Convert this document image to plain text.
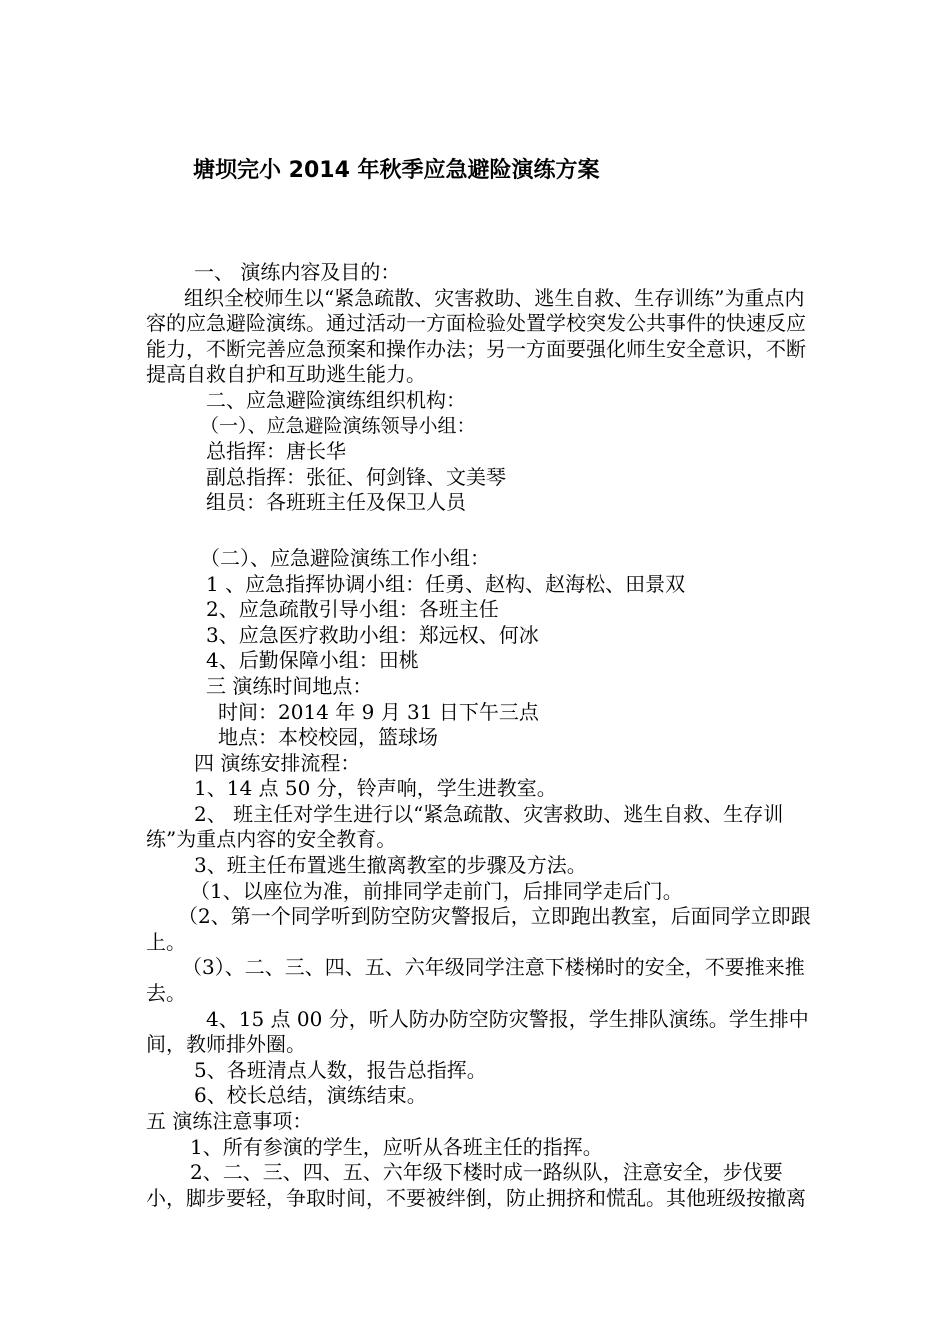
塘坝完小 2014 年秋季应急避险演练方案
一、 演练内容及目的：
组织全校师生以“紧急疏散、灾害救助、逃生自救、生存训练”为重点内容的应急避险演练。通过活动一方面检验处置学校突发公共事件的快速反应能力，不断完善应急预案和操作办法；另一方面要强化师生安全意识，不断提高自救自护和互助逃生能力。
二、应急避险演练组织机构：
（一）、应急避险演练领导小组：
总指挥：唐长华
副总指挥：张征、何剑锋、文美琴
组员：各班班主任及保卫人员
（二）、应急避险演练工作小组：
1 、应急指挥协调小组：任勇、赵构、赵海松、田景双
2、应急疏散引导小组：各班主任
3、应急医疗救助小组：郑远权、何冰
4、后勤保障小组：田桃
三 演练时间地点：
时间：2014 年 9 月 31 日下午三点
地点：本校校园，篮球场
四 演练安排流程：
1、14 点 50 分，铃声响，学生进教室。
2、 班主任对学生进行以“紧急疏散、灾害救助、逃生自救、生存训练”为重点内容的安全教育。
3、班主任布置逃生撤离教室的步骤及方法。
（1、以座位为准，前排同学走前门，后排同学走后门。
（2、第一个同学听到防空防灾警报后，立即跑出教室，后面同学立即跟上。
（3）、二、三、四、五、六年级同学注意下楼梯时的安全，不要推来推去。
4、15 点 00 分，听人防办防空防灾警报，学生排队演练。学生排中间，教师排外圈。
5、各班清点人数，报告总指挥。
6、校长总结，演练结束。
五 演练注意事项：
1、所有参演的学生，应听从各班主任的指挥。
2、二、三、四、五、六年级下楼时成一路纵队，注意安全，步伐要小，脚步要轻，争取时间，不要被绊倒，防止拥挤和慌乱。其他班级按撤离
